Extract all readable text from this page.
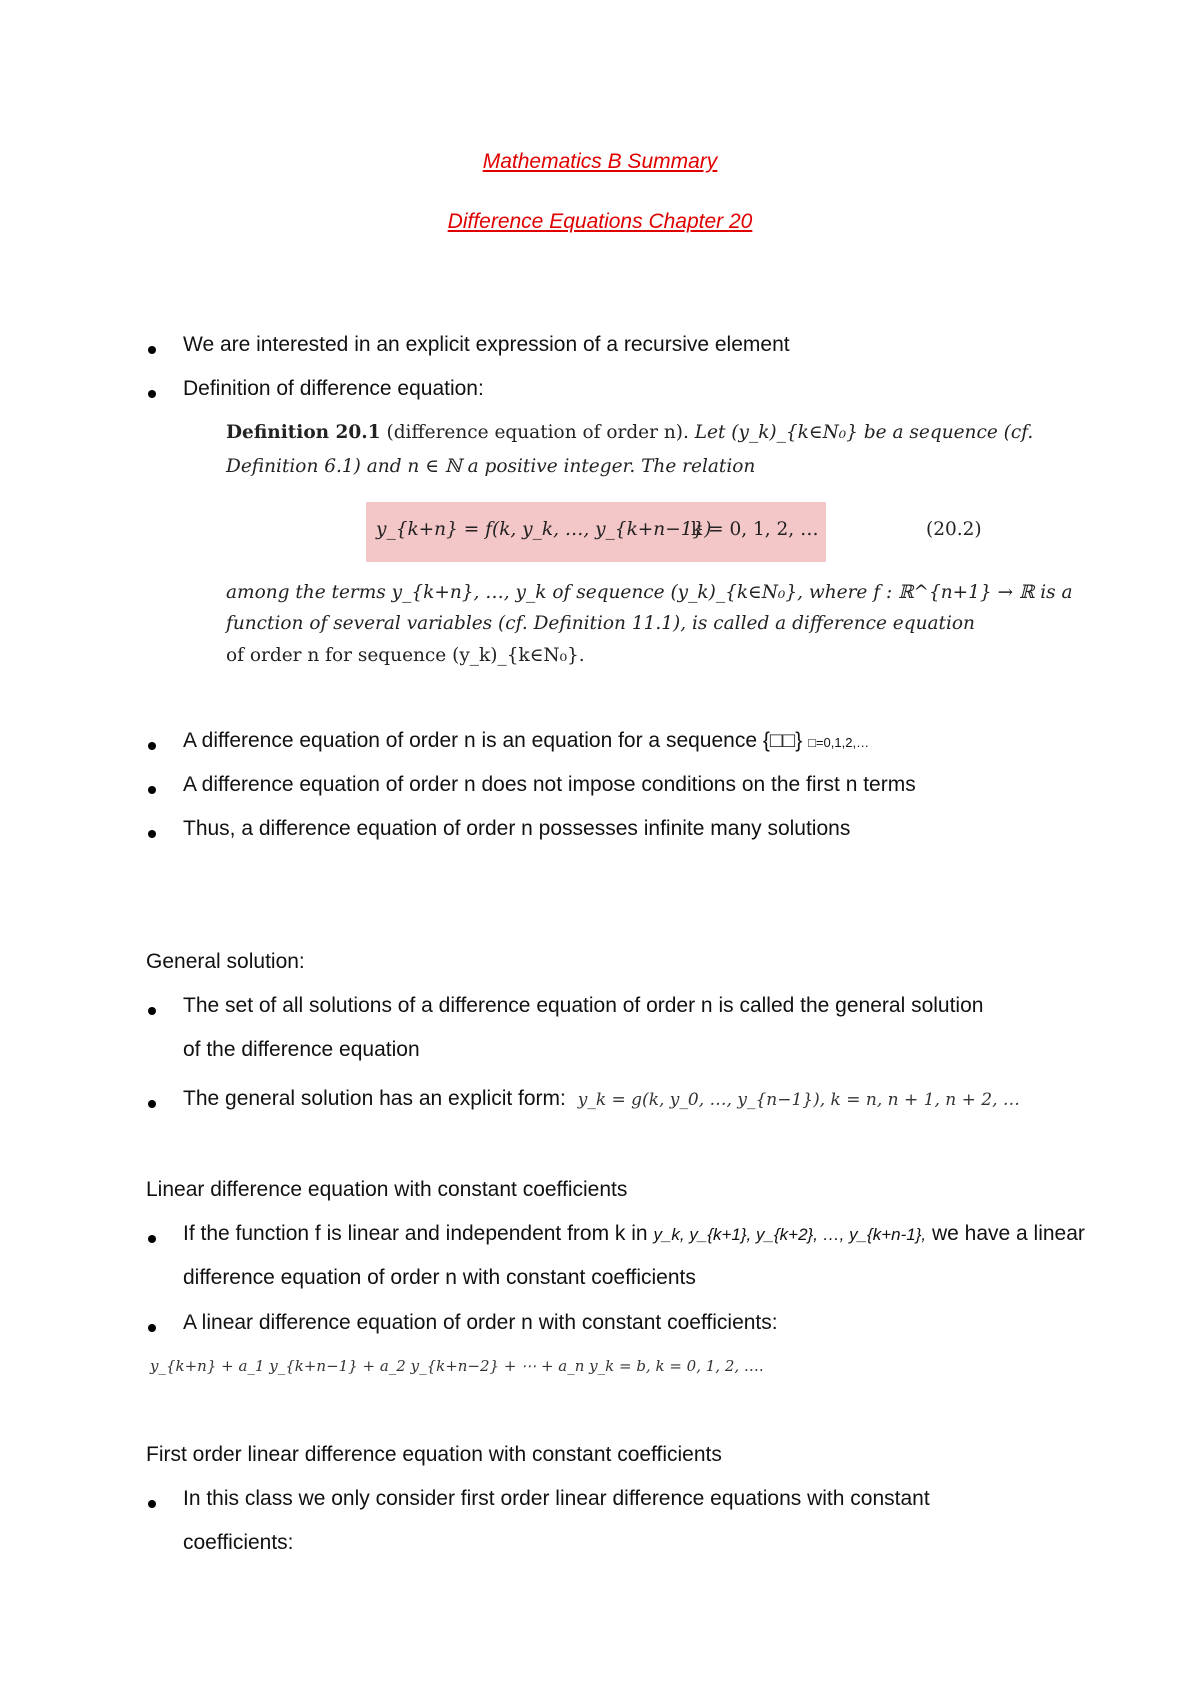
Mathematics B Summary
Difference Equations Chapter 20
We are interested in an explicit expression of a recursive element
Definition of difference equation:
Definition 20.1 (difference equation of order n). Let (y_k)_{k∈N₀} be a sequence (cf.
Definition 6.1) and n ∈ ℕ a positive integer. The relation
y_{k+n} = f(k, y_k, …, y_{k+n−1})
k = 0, 1, 2, …	(20.2)
among the terms y_{k+n}, …, y_k of sequence (y_k)_{k∈N₀}, where f : ℝ^{n+1} → ℝ is a
function of several variables (cf. Definition 11.1), is called a difference equation
of order n for sequence (y_k)_{k∈N₀}.
A difference equation of order n is an equation for a sequence {□□} □=0,1,2,…
A difference equation of order n does not impose conditions on the first n terms
Thus, a difference equation of order n possesses infinite many solutions
General solution:
The set of all solutions of a difference equation of order n is called the general solution
of the difference equation
The general solution has an explicit form: y_k = g(k, y_0, …, y_{n−1}), k = n, n + 1, n + 2, …
Linear difference equation with constant coefficients
If the function f is linear and independent from k in y_k, y_{k+1}, y_{k+2}, …, y_{k+n-1}, we have a linear
difference equation of order n with constant coefficients
A linear difference equation of order n with constant coefficients:
y_{k+n} + a_1 y_{k+n−1} + a_2 y_{k+n−2} + ⋯ + a_n y_k = b, k = 0, 1, 2, ….
First order linear difference equation with constant coefficients
In this class we only consider first order linear difference equations with constant
coefficients:
